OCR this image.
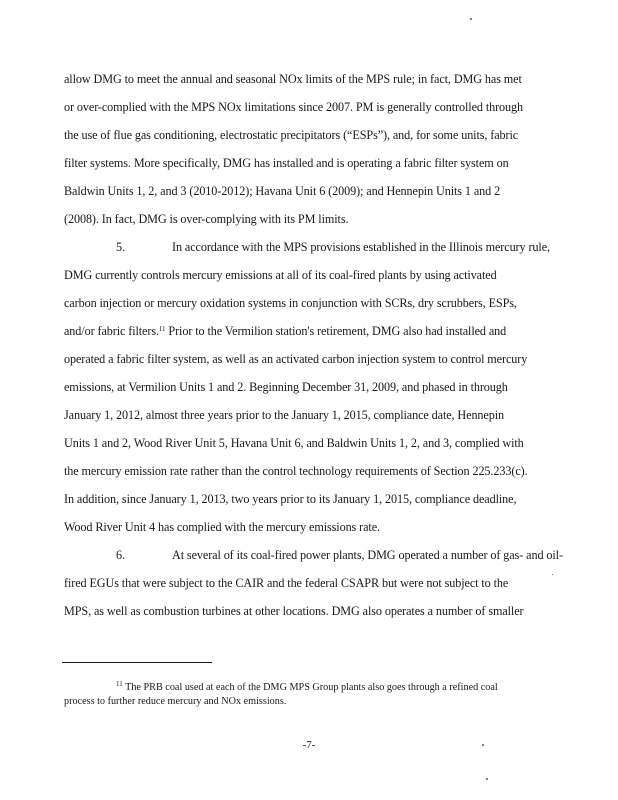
allow DMG to meet the annual and seasonal NOx limits of the MPS rule; in fact, DMG has met
or over-complied with the MPS NOx limitations since 2007. PM is generally controlled through
the use of flue gas conditioning, electrostatic precipitators (“ESPs”), and, for some units, fabric
filter systems. More specifically, DMG has installed and is operating a fabric filter system on
Baldwin Units 1, 2, and 3 (2010-2012); Havana Unit 6 (2009); and Hennepin Units 1 and 2
(2008). In fact, DMG is over-complying with its PM limits.
5.	In accordance with the MPS provisions established in the Illinois mercury rule,
DMG currently controls mercury emissions at all of its coal-fired plants by using activated
carbon injection or mercury oxidation systems in conjunction with SCRs, dry scrubbers, ESPs,
and/or fabric filters.$^{11}$ Prior to the Vermilion station's retirement, DMG also had installed and
operated a fabric filter system, as well as an activated carbon injection system to control mercury
emissions, at Vermilion Units 1 and 2. Beginning December 31, 2009, and phased in through
January 1, 2012, almost three years prior to the January 1, 2015, compliance date, Hennepin
Units 1 and 2, Wood River Unit 5, Havana Unit 6, and Baldwin Units 1, 2, and 3, complied with
the mercury emission rate rather than the control technology requirements of Section 225.233(c).
In addition, since January 1, 2013, two years prior to its January 1, 2015, compliance deadline,
Wood River Unit 4 has complied with the mercury emissions rate.
6.	At several of its coal-fired power plants, DMG operated a number of gas- and oil-
fired EGUs that were subject to the CAIR and the federal CSAPR but were not subject to the
MPS, as well as combustion turbines at other locations. DMG also operates a number of smaller
$^{11}$ The PRB coal used at each of the DMG MPS Group plants also goes through a refined coal
process to further reduce mercury and NOx emissions.
-7-
